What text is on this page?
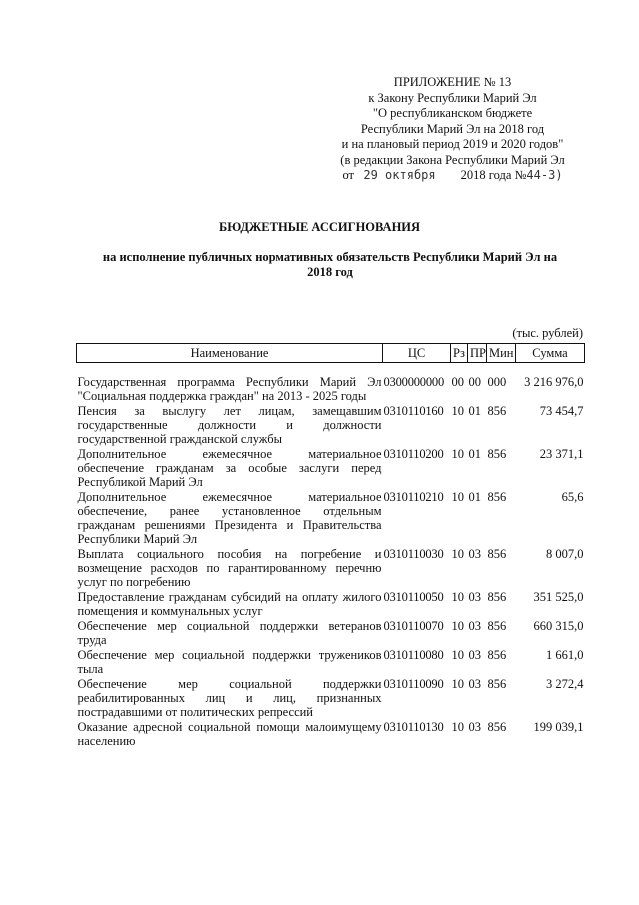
ПРИЛОЖЕНИЕ № 13
к Закону Республики Марий Эл
"О республиканском бюджете
Республики Марий Эл на 2018 год
и на плановый период 2019 и 2020 годов"
(в редакции Закона Республики Марий Эл
от 29 октября 2018 года №44-З)
БЮДЖЕТНЫЕ АССИГНОВАНИЯ
на исполнение публичных нормативных обязательств Республики Марий Эл на 2018 год
(тыс. рублей)
Наименование	ЦС	Рз	ПР	Мин	Сумма
Государственная программа Республики Марий Эл "Социальная поддержка граждан" на 2013 - 2025 годы	0300000000	00	00	000	3 216 976,0
Пенсия за выслугу лет лицам, замещавшим государственные должности и должности государственной гражданской службы	0310110160	10	01	856	73 454,7
Дополнительное ежемесячное материальное обеспечение гражданам за особые заслуги перед Республикой Марий Эл	0310110200	10	01	856	23 371,1
Дополнительное ежемесячное материальное обеспечение, ранее установленное отдельным гражданам решениями Президента и Правительства Республики Марий Эл	0310110210	10	01	856	65,6
Выплата социального пособия на погребение и возмещение расходов по гарантированному перечню услуг по погребению	0310110030	10	03	856	8 007,0
Предоставление гражданам субсидий на оплату жилого помещения и коммунальных услуг	0310110050	10	03	856	351 525,0
Обеспечение мер социальной поддержки ветеранов труда	0310110070	10	03	856	660 315,0
Обеспечение мер социальной поддержки тружеников тыла	0310110080	10	03	856	1 661,0
Обеспечение мер социальной поддержки реабилитированных лиц и лиц, признанных пострадавшими от политических репрессий	0310110090	10	03	856	3 272,4
Оказание адресной социальной помощи малоимущему населению	0310110130	10	03	856	199 039,1
